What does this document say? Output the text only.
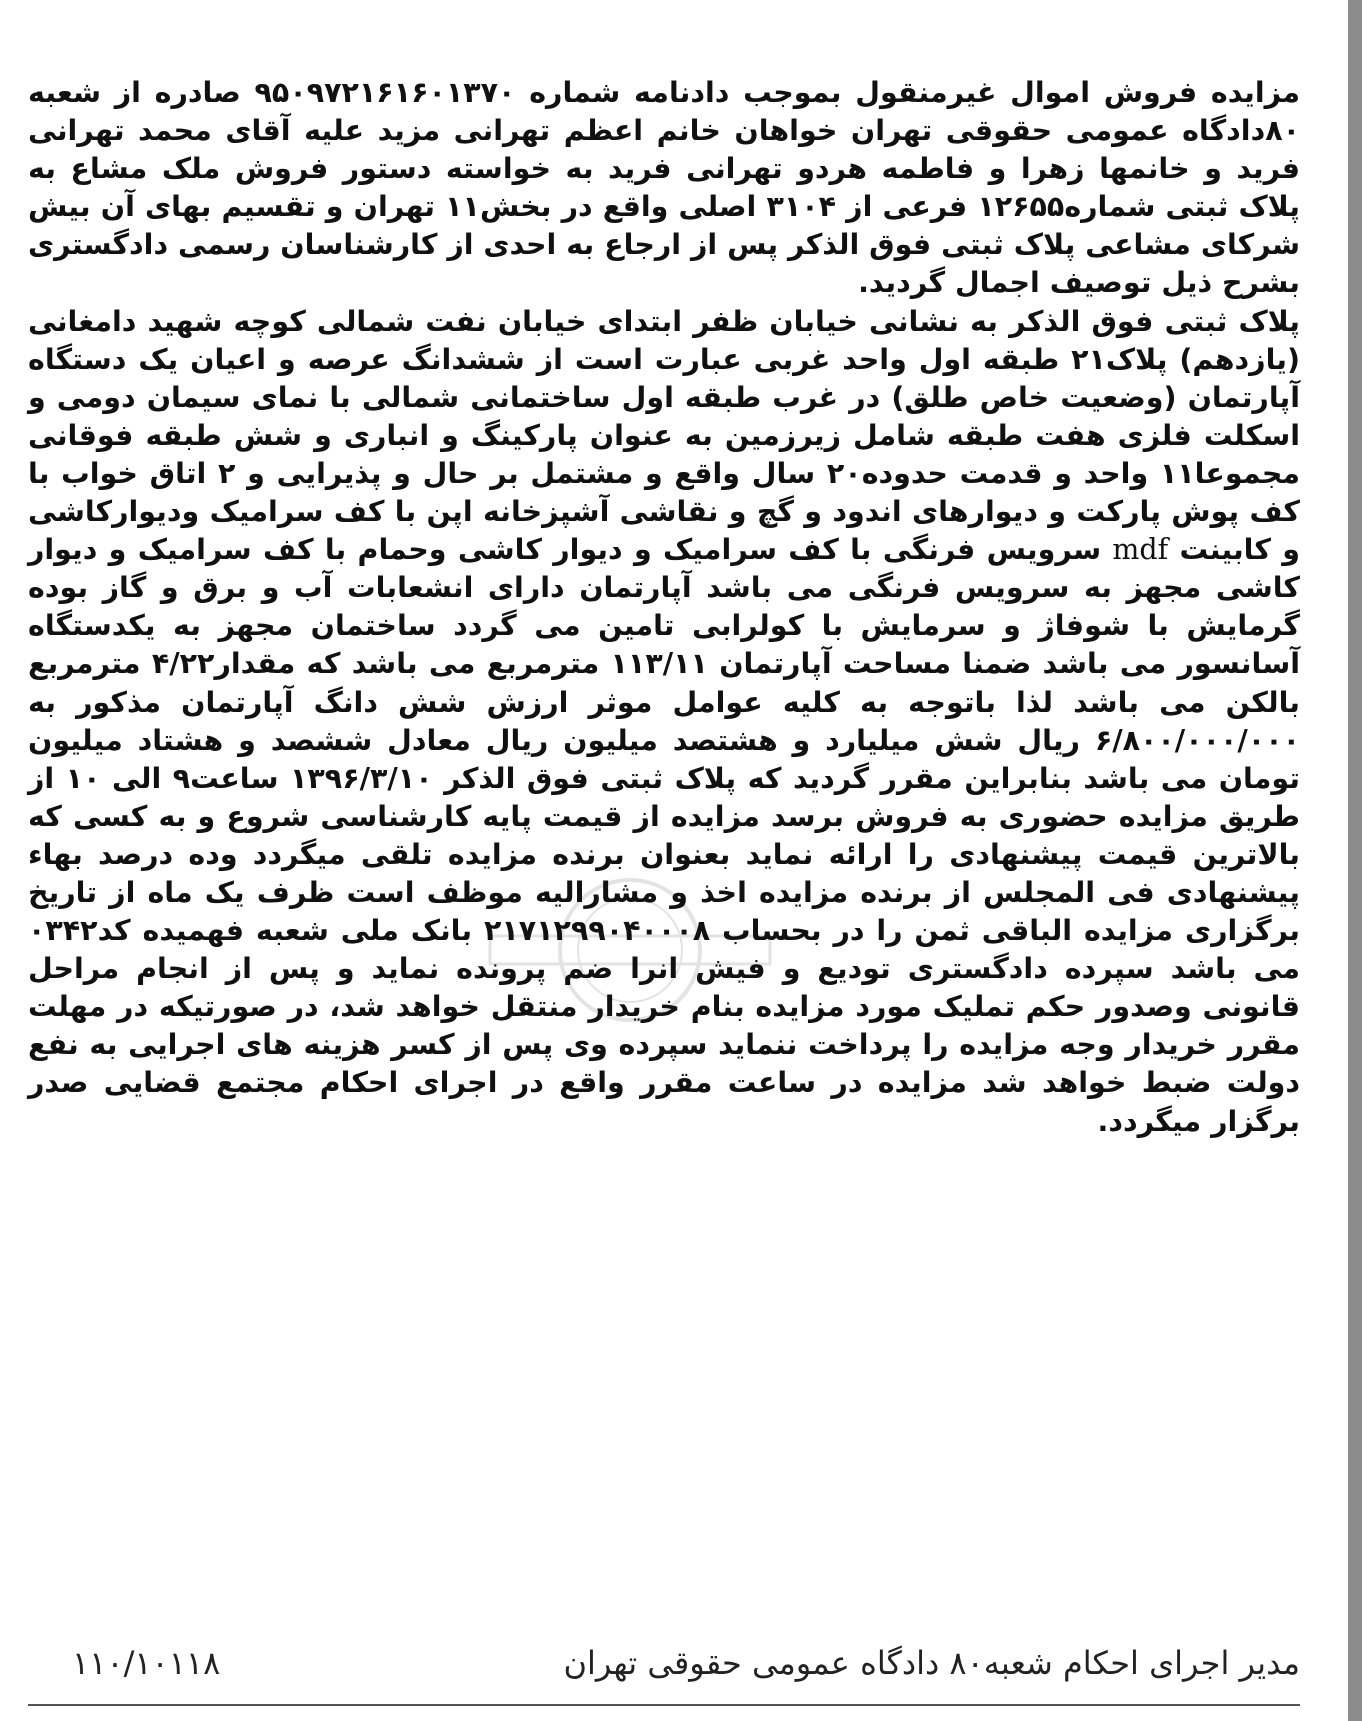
مزایده فروش اموال غیرمنقول بموجب دادنامه شماره ۹۵۰۹۷۲۱۶۱۶۰۱۳۷۰ صادره از شعبه ۸۰دادگاه عمومی حقوقی تهران خواهان خانم اعظم تهرانی مزید علیه آقای محمد تهرانی فرید و خانمها زهرا و فاطمه هردو تهرانی فرید به خواسته دستور فروش ملک مشاع به پلاک ثبتی شماره۱۲۶۵۵ فرعی از ۳۱۰۴ اصلی واقع در بخش۱۱ تهران و تقسیم بهای آن بیش شرکای مشاعی پلاک ثبتی فوق الذکر پس از ارجاع به احدی از کارشناسان رسمی دادگستری بشرح ذیل توصیف اجمال گردید.

پلاک ثبتی فوق الذکر به نشانی خیابان ظفر ابتدای خیابان نفت شمالی کوچه شهید دامغانی (یازدهم) پلاک۲۱ طبقه اول واحد غربی عبارت است از ششدانگ عرصه و اعیان یک دستگاه آپارتمان (وضعیت خاص طلق) در غرب طبقه اول ساختمانی شمالی با نمای سیمان دومی و اسکلت فلزی هفت طبقه شامل زیرزمین به عنوان پارکینگ و انباری و شش طبقه فوقانی مجموعا۱۱ واحد و قدمت حدوده۲۰ سال واقع و مشتمل بر حال و پذیرایی و ۲ اتاق خواب با کف پوش پارکت و دیوارهای اندود و گچ و نقاشی آشپزخانه اپن با کف سرامیک ودیوارکاشی و کابینت mdf سرویس فرنگی با کف سرامیک و دیوار کاشی وحمام با کف سرامیک و دیوار کاشی مجهز به سرویس فرنگی می باشد آپارتمان دارای انشعابات آب و برق و گاز بوده گرمایش با شوفاژ و سرمایش با کولرابی تامین می گردد ساختمان مجهز به یکدستگاه آسانسور می باشد ضمنا مساحت آپارتمان ۱۱۳/۱۱ مترمربع می باشد که مقدار۴/۲۲ مترمربع بالکن می باشد لذا باتوجه به کلیه عوامل موثر ارزش شش دانگ آپارتمان مذکور به ۶/۸۰۰/۰۰۰/۰۰۰ ریال شش میلیارد و هشتصد میلیون ریال معادل ششصد و هشتاد میلیون تومان می باشد بنابراین مقرر گردید که پلاک ثبتی فوق الذکر ۱۳۹۶/۳/۱۰ ساعت۹ الی ۱۰ از طریق مزایده حضوری به فروش برسد مزایده از قیمت پایه کارشناسی شروع و به کسی که بالاترین قیمت پیشنهادی را ارائه نماید بعنوان برنده مزایده تلقی میگردد وده درصد بهاء پیشنهادی فی المجلس از برنده مزایده اخذ و مشارالیه موظف است ظرف یک ماه از تاریخ برگزاری مزایده الباقی ثمن را در بحساب ۲۱۷۱۲۹۹۰۴۰۰۰۸ بانک ملی شعبه فهمیده کد۰۳۴۲ می باشد سپرده دادگستری تودیع و فیش انرا ضم پرونده نماید و پس از انجام مراحل قانونی وصدور حکم تملیک مورد مزایده بنام خریدار منتقل خواهد شد، در صورتیکه در مهلت مقرر خریدار وجه مزایده را پرداخت ننماید سپرده وی پس از کسر هزینه های اجرایی به نفع دولت ضبط خواهد شد مزایده در ساعت مقرر واقع در اجرای احکام مجتمع قضایی صدر برگزار میگردد.

مدیر اجرای احکام شعبه۸۰ دادگاه عمومی حقوقی تهران
۱۱۰/۱۰۱۱۸
